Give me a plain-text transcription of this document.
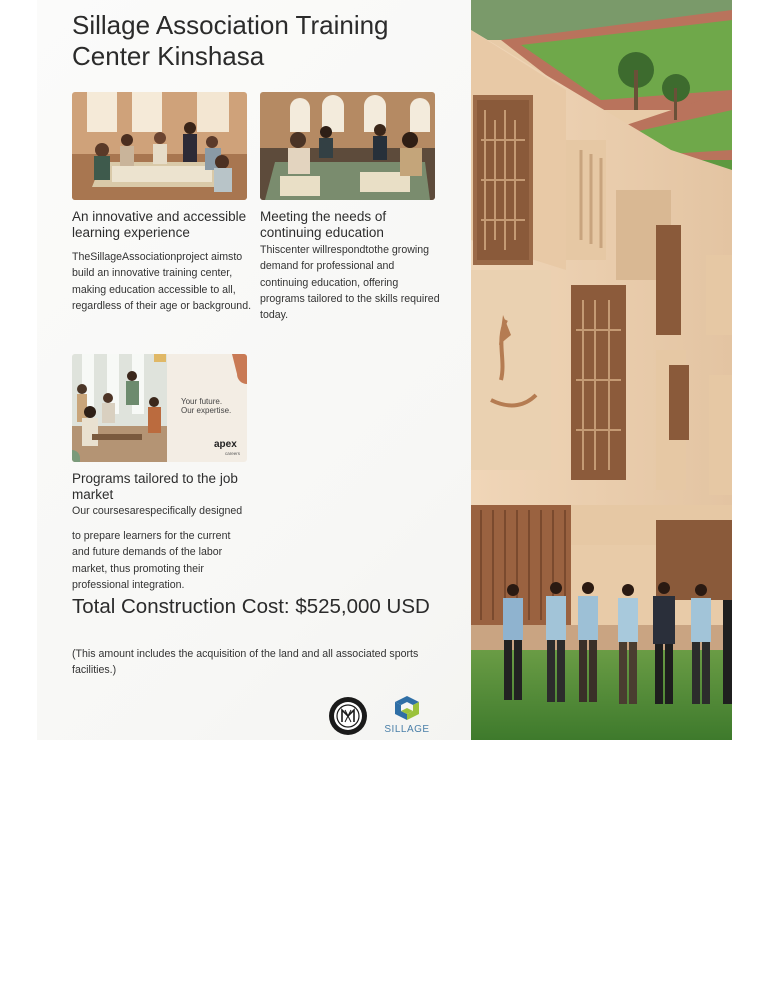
Sillage Association Training Center Kinshasa
An innovative and accessible learning experience

TheSillageAssociationproject aimsto build an innovative training center, making education accessible to all, regardless of their age or background.

Meeting the needs of continuing education

Thiscenter willrespondtothe growing demand for professional and continuing education, offering programs tailored to the skills required today.

Your future.
Our expertise.
apex
careers
Programs tailored to the job market

Our coursesarespecifically designed

to prepare learners for the current and future demands of the labor market, thus promoting their professional integration.

Total Construction Cost: $525,000 USD

(This amount includes the acquisition of the land and all associated sports facilities.)

SILLAGE
